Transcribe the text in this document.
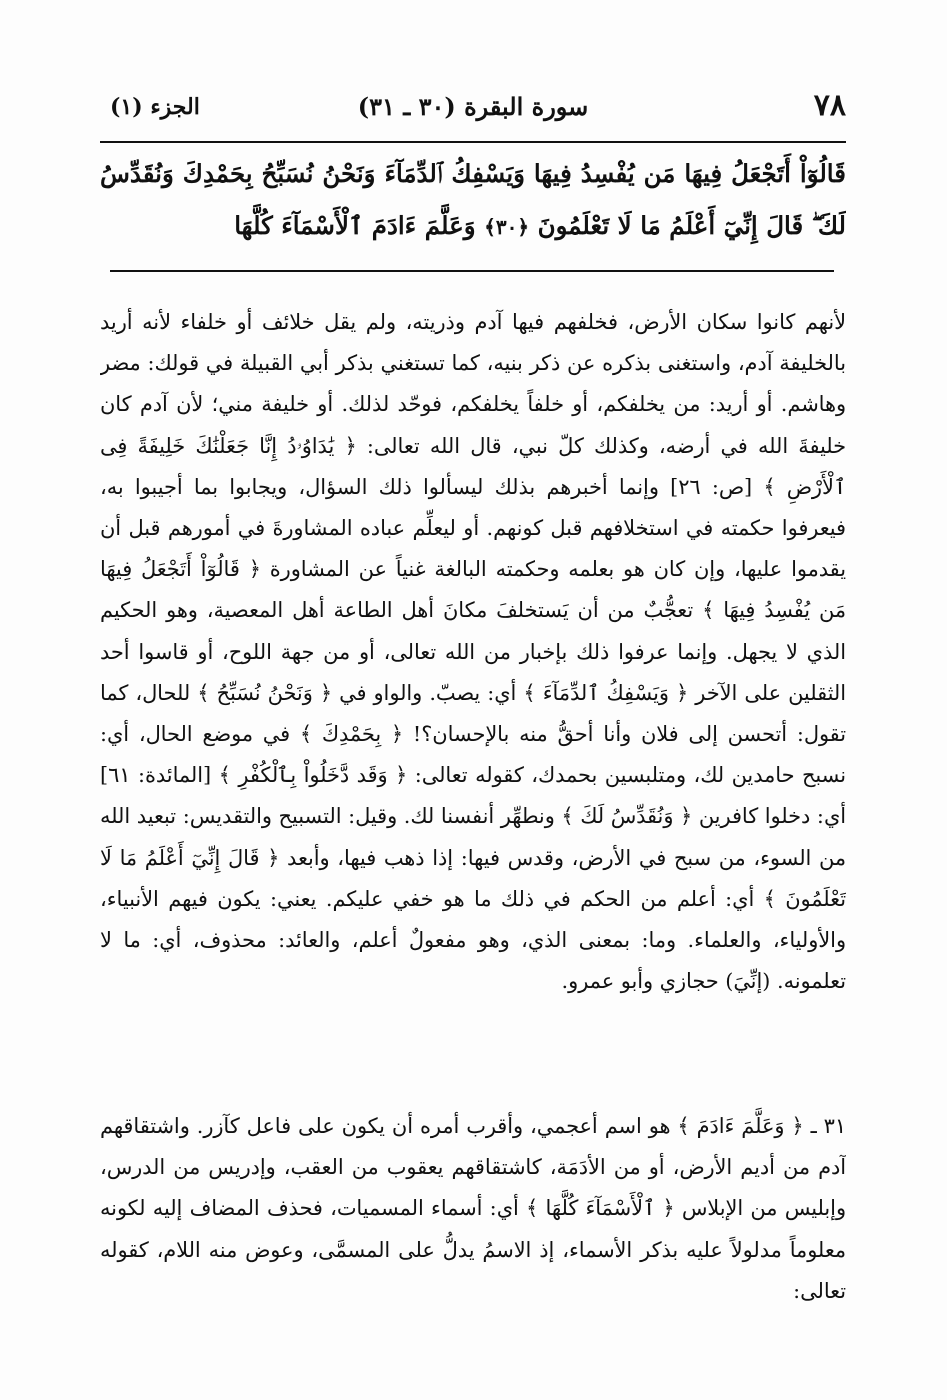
٧٨
سورة البقرة (٣٠ ـ ٣١)
الجزء (١)
قَالُوٓاْ أَتَجْعَلُ فِيهَا مَن يُفْسِدُ فِيهَا وَيَسْفِكُ ٱلدِّمَآءَ وَنَحْنُ نُسَبِّحُ بِحَمْدِكَ وَنُقَدِّسُ لَكَ ۖ قَالَ إِنِّيٓ أَعْلَمُ مَا لَا تَعْلَمُونَ ﴿٣٠﴾ وَعَلَّمَ ءَادَمَ ٱلْأَسْمَآءَ كُلَّهَا

لأنهم كانوا سكان الأرض، فخلفهم فيها آدم وذريته، ولم يقل خلائف أو خلفاء لأنه أريد بالخليفة آدم، واستغنى بذكره عن ذكر بنيه، كما تستغني بذكر أبي القبيلة في قولك: مضر وهاشم. أو أريد: من يخلفكم، أو خلفاً يخلفكم، فوحّد لذلك. أو خليفة مني؛ لأن آدم كان خليفةَ الله في أرضه، وكذلك كلّ نبي، قال الله تعالى: ﴿ يَٰدَاوُۥدُ إِنَّا جَعَلْنَٰكَ خَلِيفَةً فِى ٱلْأَرْضِ ﴾ [ص: ٢٦] وإنما أخبرهم بذلك ليسألوا ذلك السؤال، ويجابوا بما أجيبوا به، فيعرفوا حكمته في استخلافهم قبل كونهم. أو ليعلِّم عباده المشاورةَ في أمورهم قبل أن يقدموا عليها، وإن كان هو بعلمه وحكمته البالغة غنياً عن المشاورة ﴿ قَالُوٓاْ أَتَجْعَلُ فِيهَا مَن يُفْسِدُ فِيهَا ﴾ تعجُّبٌ من أن يَستخلفَ مكانَ أهل الطاعة أهل المعصية، وهو الحكيم الذي لا يجهل. وإنما عرفوا ذلك بإخبار من الله تعالى، أو من جهة اللوح، أو قاسوا أحد الثقلين على الآخر ﴿ وَيَسْفِكُ ٱلدِّمَآءَ ﴾ أي: يصبّ. والواو في ﴿ وَنَحْنُ نُسَبِّحُ ﴾ للحال، كما تقول: أتحسن إلى فلان وأنا أحقُّ منه بالإحسان؟! ﴿ بِحَمْدِكَ ﴾ في موضع الحال، أي: نسبح حامدين لك، ومتلبسين بحمدك، كقوله تعالى: ﴿ وَقَد دَّخَلُواْ بِٱلْكُفْرِ ﴾ [المائدة: ٦١] أي: دخلوا كافرين ﴿ وَنُقَدِّسُ لَكَ ﴾ ونطهِّر أنفسنا لك. وقيل: التسبيح والتقديس: تبعيد الله من السوء، من سبح في الأرض، وقدس فيها: إذا ذهب فيها، وأبعد ﴿ قَالَ إِنِّيٓ أَعْلَمُ مَا لَا تَعْلَمُونَ ﴾ أي: أعلم من الحكم في ذلك ما هو خفي عليكم. يعني: يكون فيهم الأنبياء، والأولياء، والعلماء. وما: بمعنى الذي، وهو مفعولٌ أعلم، والعائد: محذوف، أي: ما لا تعلمونه. (إنِّيَ) حجازي وأبو عمرو.

٣١ ـ ﴿ وَعَلَّمَ ءَادَمَ ﴾ هو اسم أعجمي، وأقرب أمره أن يكون على فاعل كآزر. واشتقاقهم آدم من أديم الأرض، أو من الأدَمَة، كاشتقاقهم يعقوب من العقب، وإدريس من الدرس، وإبليس من الإبلاس ﴿ ٱلْأَسْمَآءَ كُلَّهَا ﴾ أي: أسماء المسميات، فحذف المضاف إليه لكونه معلوماً مدلولاً عليه بذكر الأسماء، إذ الاسمُ يدلُّ على المسمَّى، وعوض منه اللام، كقوله تعالى:
